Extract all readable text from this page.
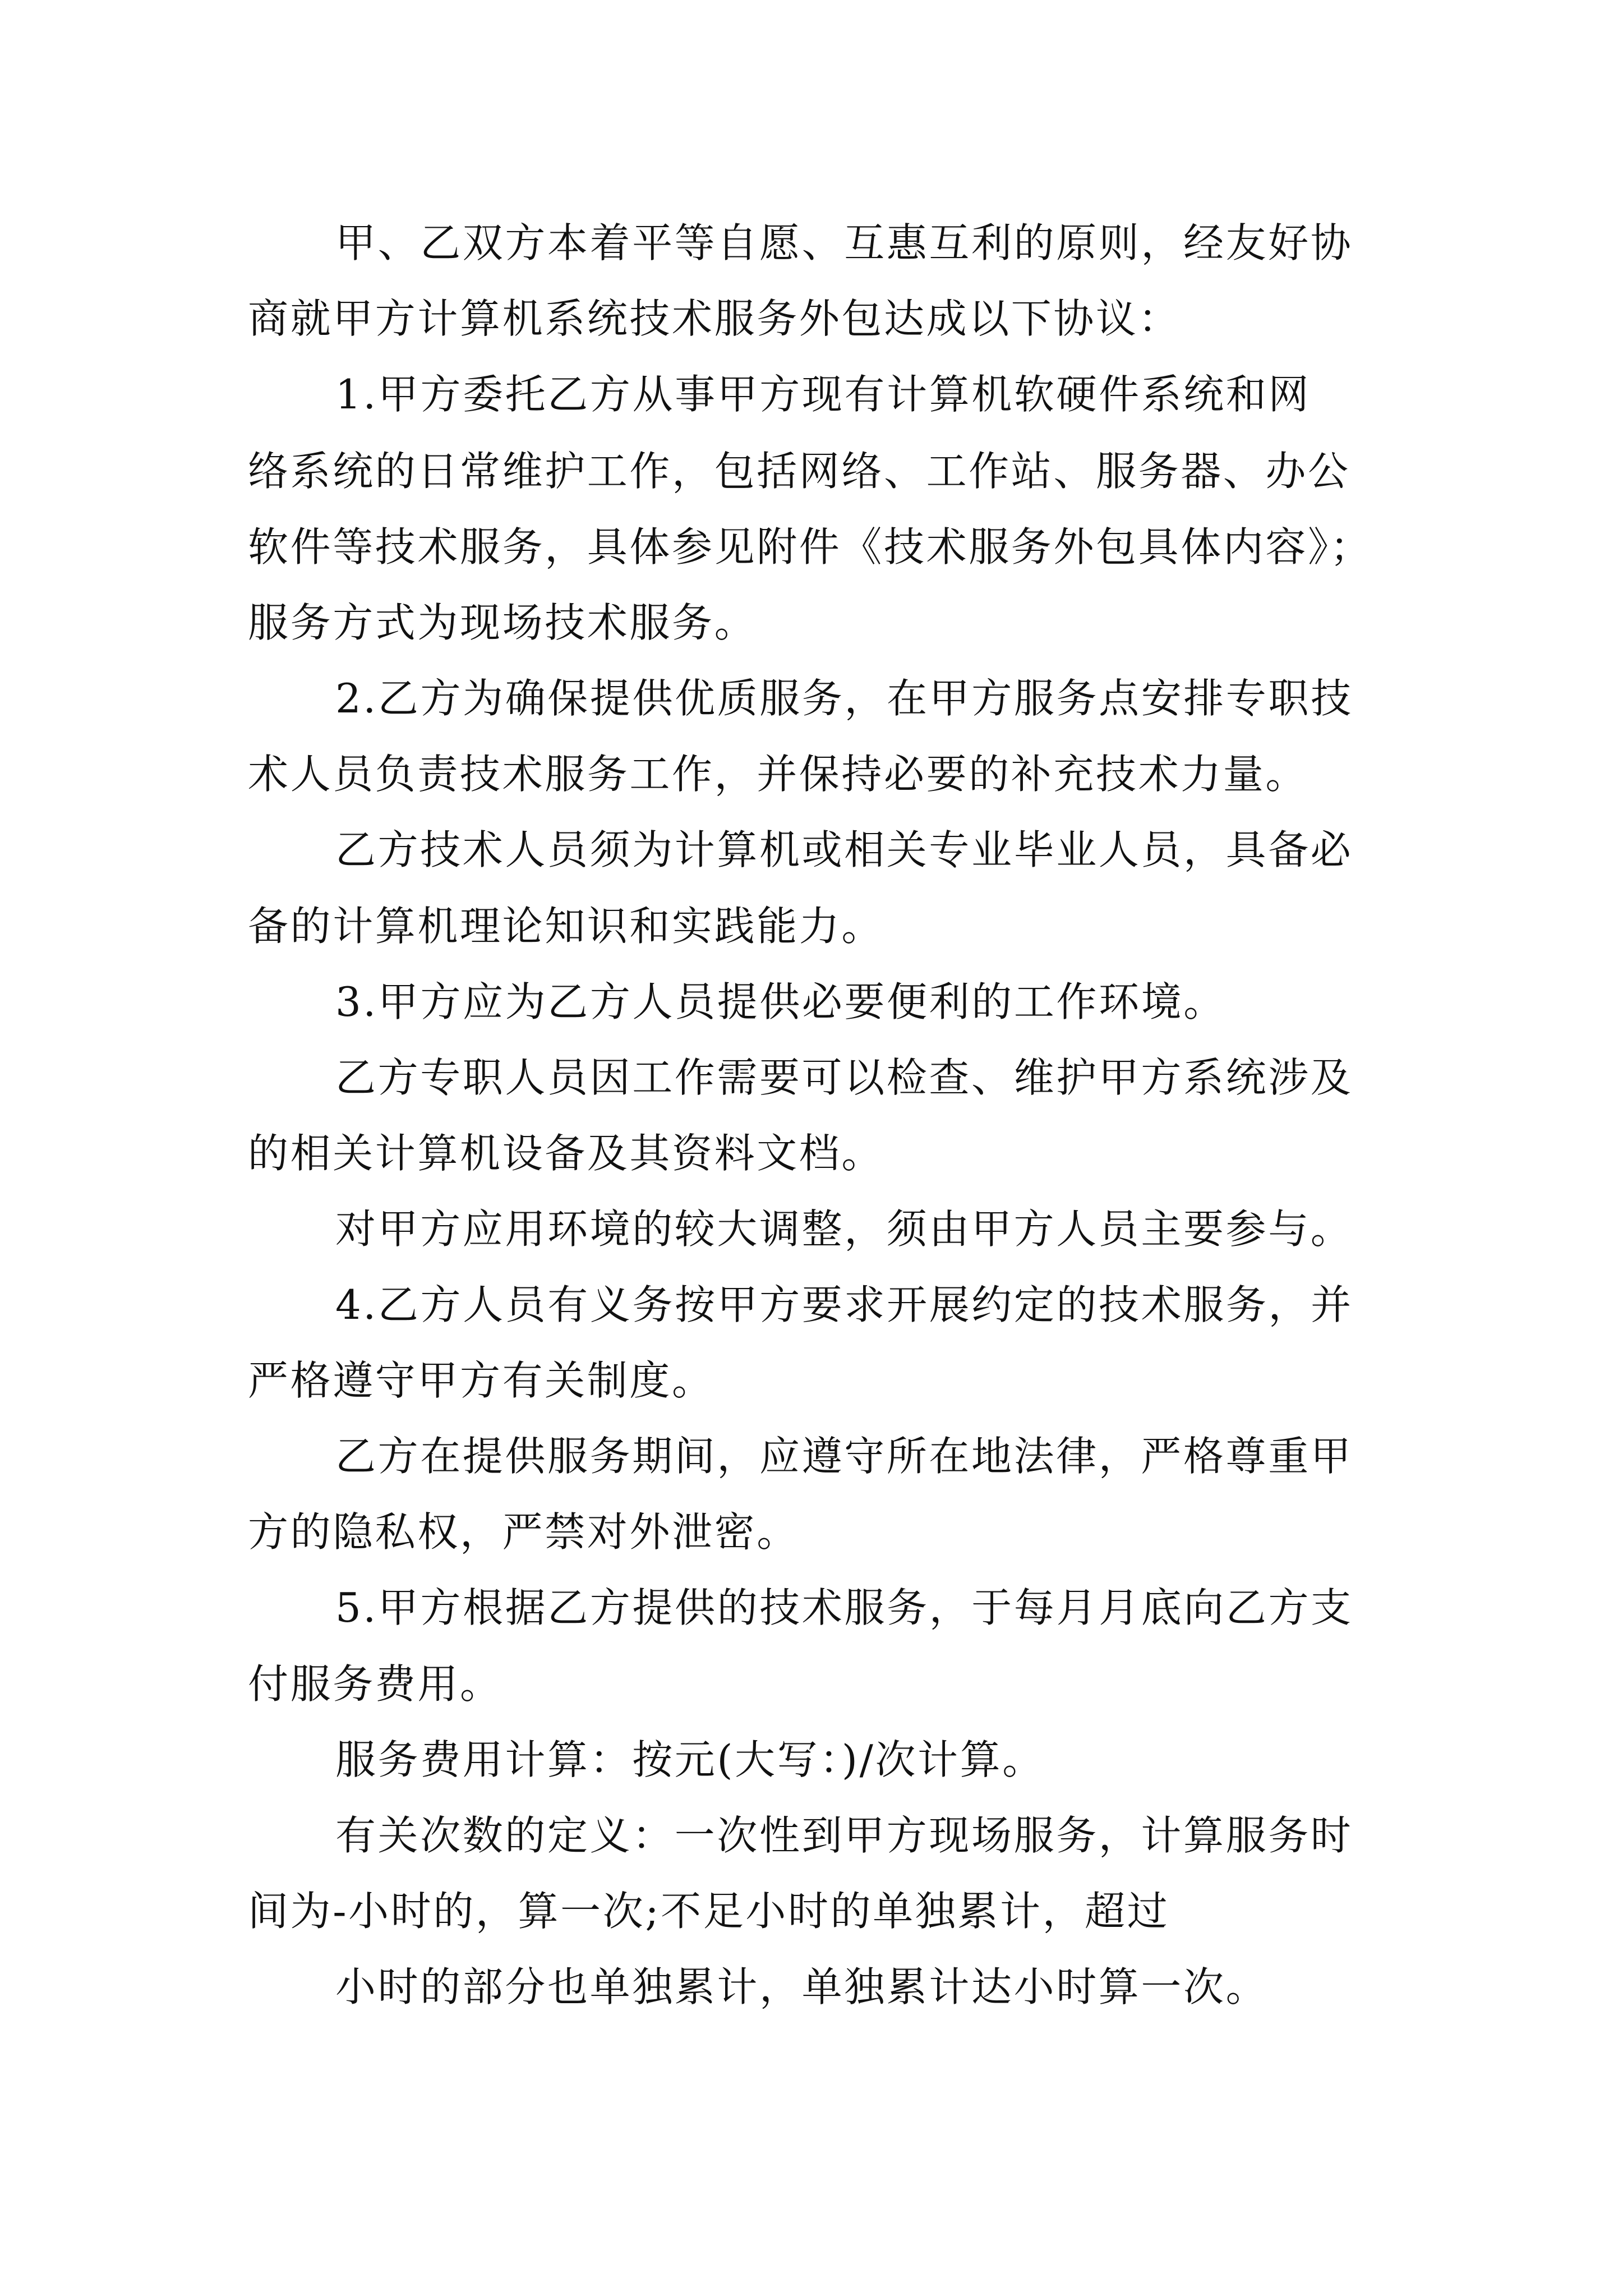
甲、乙双方本着平等自愿、互惠互利的原则，经友好协
商就甲方计算机系统技术服务外包达成以下协议：
1.甲方委托乙方从事甲方现有计算机软硬件系统和网
络系统的日常维护工作，包括网络、工作站、服务器、办公
软件等技术服务，具体参见附件《技术服务外包具体内容》；
服务方式为现场技术服务。
2.乙方为确保提供优质服务，在甲方服务点安排专职技
术人员负责技术服务工作，并保持必要的补充技术力量。
乙方技术人员须为计算机或相关专业毕业人员，具备必
备的计算机理论知识和实践能力。
3.甲方应为乙方人员提供必要便利的工作环境。
乙方专职人员因工作需要可以检查、维护甲方系统涉及
的相关计算机设备及其资料文档。
对甲方应用环境的较大调整，须由甲方人员主要参与。
4.乙方人员有义务按甲方要求开展约定的技术服务，并
严格遵守甲方有关制度。
乙方在提供服务期间，应遵守所在地法律，严格尊重甲
方的隐私权，严禁对外泄密。
5.甲方根据乙方提供的技术服务，于每月月底向乙方支
付服务费用。
服务费用计算：按元(大写：)/次计算。
有关次数的定义：一次性到甲方现场服务，计算服务时
间为-小时的，算一次;不足小时的单独累计，超过
小时的部分也单独累计，单独累计达小时算一次。
